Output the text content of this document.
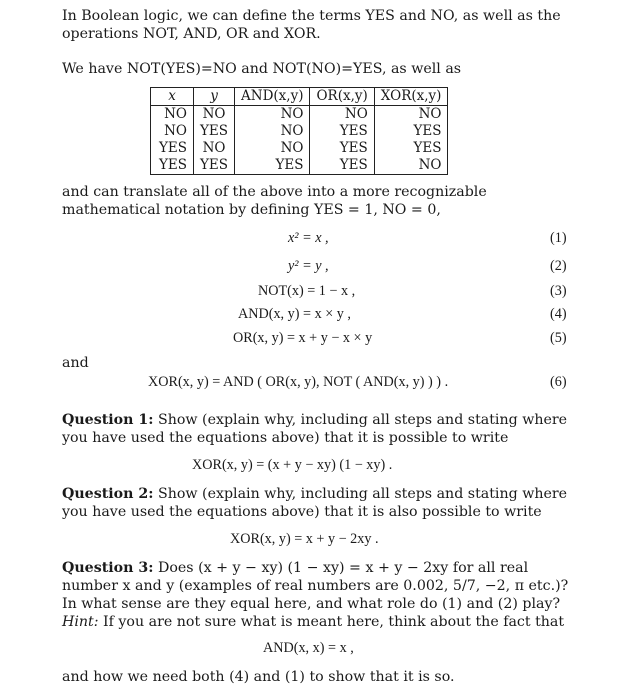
In Boolean logic, we can define the terms YES and NO, as well as the operations NOT, AND, OR and XOR.
We have NOT(YES)=NO and NOT(NO)=YES, as well as
x	y	AND(x,y)	OR(x,y)	XOR(x,y)
NO	NO	NO	NO	NO
NO	YES	NO	YES	YES
YES	NO	NO	YES	YES
YES	YES	YES	YES	NO
and can translate all of the above into a more recognizable mathematical notation by defining YES = 1, NO = 0,
x² = x ,	(1)
y² = y ,	(2)
NOT(x) = 1 − x ,	(3)
AND(x, y) = x × y ,	(4)
OR(x, y) = x + y − x × y	(5)
and
XOR(x, y) = AND ( OR(x, y), NOT ( AND(x, y) ) ) .	(6)
Question 1: Show (explain why, including all steps and stating where you have used the equations above) that it is possible to write
XOR(x, y) = (x + y − xy) (1 − xy) .
Question 2: Show (explain why, including all steps and stating where you have used the equations above) that it is also possible to write
XOR(x, y) = x + y − 2xy .
Question 3: Does (x + y − xy) (1 − xy) = x + y − 2xy for all real number x and y (examples of real numbers are 0.002, 5/7, −2, π etc.)? In what sense are they equal here, and what role do (1) and (2) play?
Hint: If you are not sure what is meant here, think about the fact that
AND(x, x) = x ,
and how we need both (4) and (1) to show that it is so.
